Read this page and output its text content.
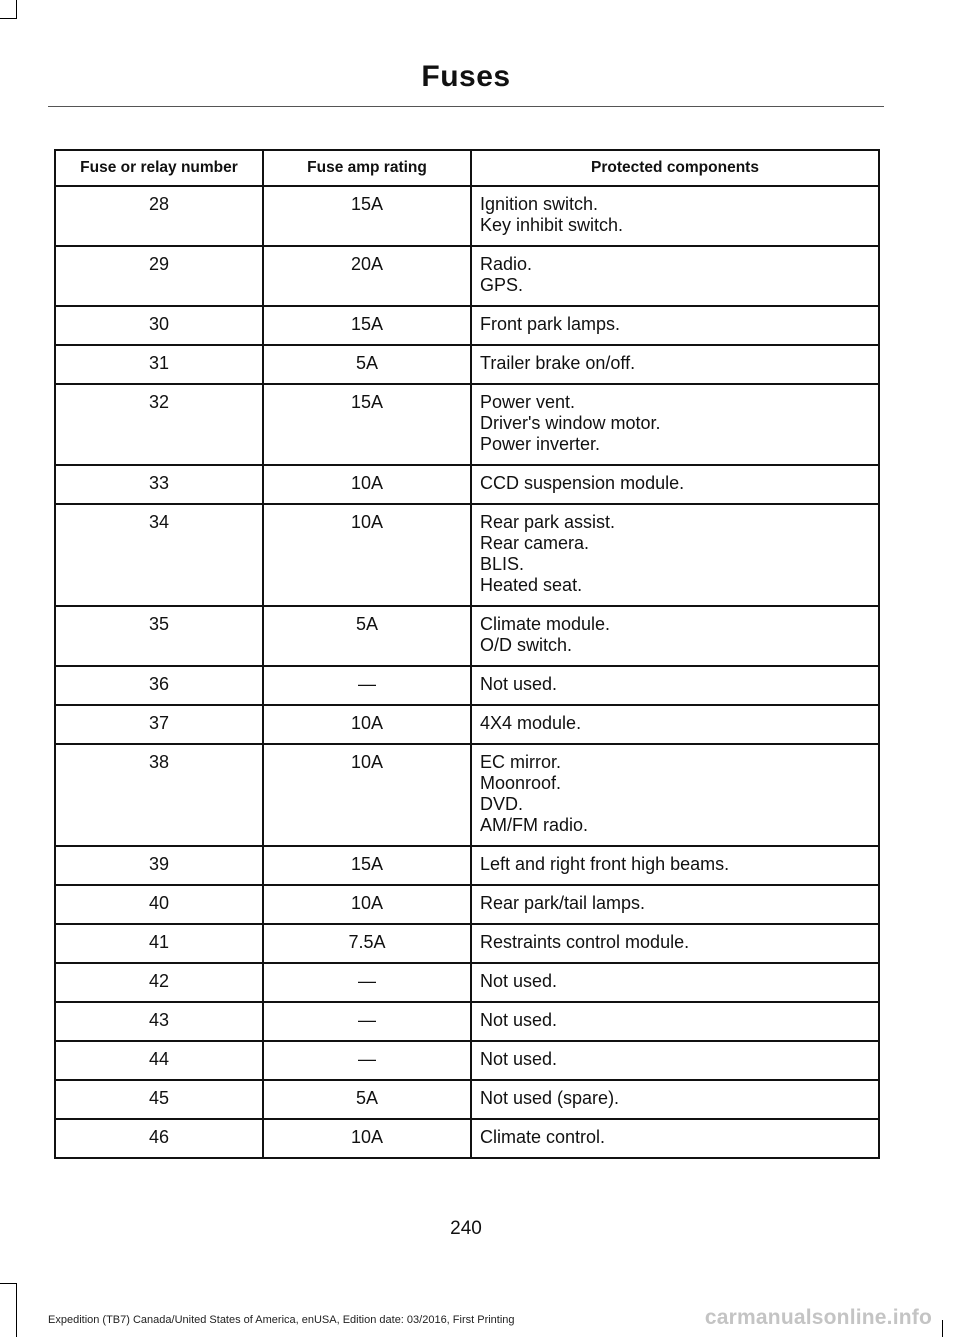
Fuses
Fuse or relay number	Fuse amp rating	Protected components
28	15A	Ignition switch.
Key inhibit switch.

29	20A	Radio.
GPS.

30	15A	Front park lamps.

31	5A	Trailer brake on/off.

32	15A	Power vent.
Driver's window motor.
Power inverter.

33	10A	CCD suspension module.

34	10A	Rear park assist.
Rear camera.
BLIS.
Heated seat.

35	5A	Climate module.
O/D switch.

36	—	Not used.

37	10A	4X4 module.

38	10A	EC mirror.
Moonroof.
DVD.
AM/FM radio.

39	15A	Left and right front high beams.

40	10A	Rear park/tail lamps.

41	7.5A	Restraints control module.

42	—	Not used.

43	—	Not used.

44	—	Not used.

45	5A	Not used (spare).

46	10A	Climate control.
240
Expedition (TB7) Canada/United States of America, enUSA, Edition date: 03/2016, First Printing	carmanualsonline.info
